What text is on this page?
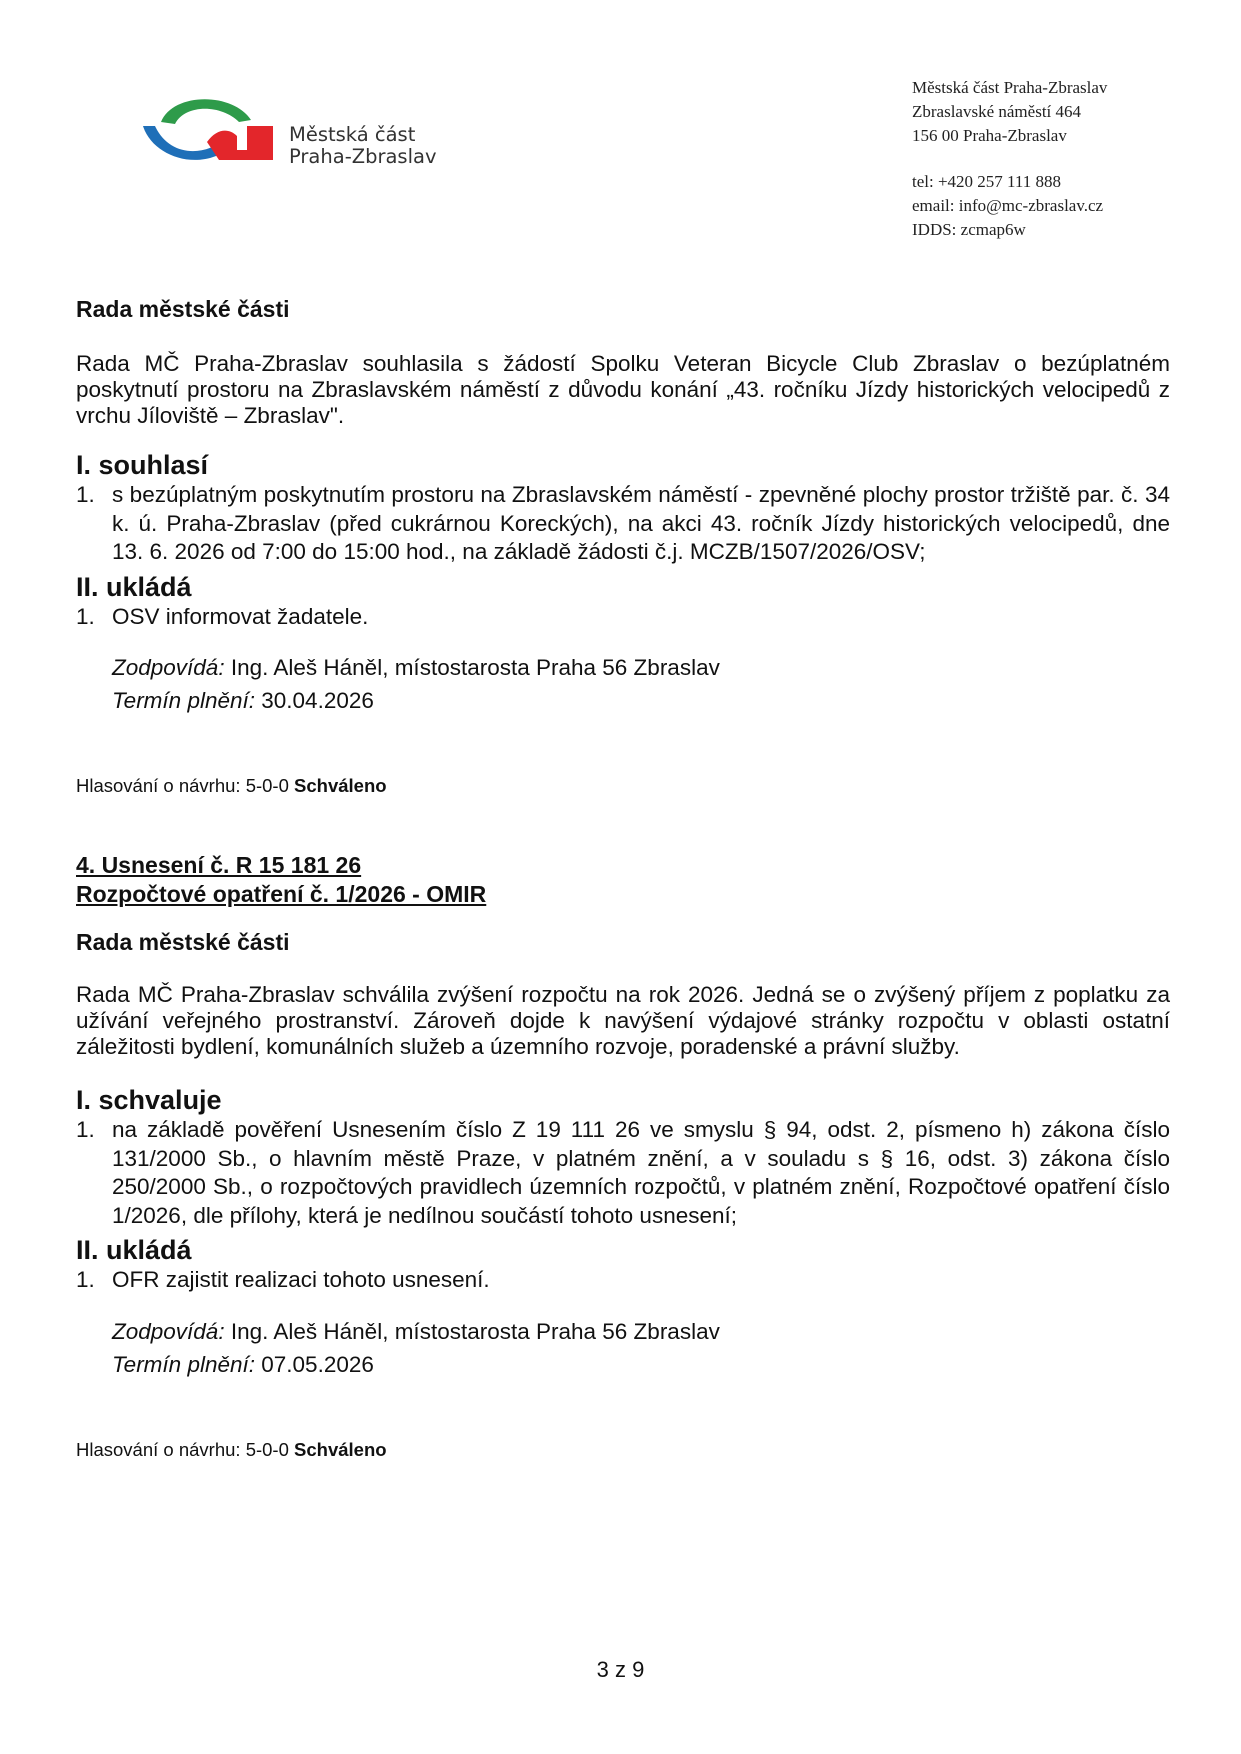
Městská část
Praha-Zbraslav
Městská část Praha-Zbraslav
Zbraslavské náměstí 464
156 00 Praha-Zbraslav
tel: +420 257 111 888
email: info@mc-zbraslav.cz
IDDS: zcmap6w

Rada městské části

Rada MČ Praha-Zbraslav souhlasila s žádostí Spolku Veteran Bicycle Club Zbraslav o bezúplatném poskytnutí prostoru na Zbraslavském náměstí z důvodu konání „43. ročníku Jízdy historických velocipedů z vrchu Jíloviště – Zbraslav".

I. souhlasí

1. s bezúplatným poskytnutím prostoru na Zbraslavském náměstí - zpevněné plochy prostor tržiště par. č. 34 k. ú. Praha-Zbraslav (před cukrárnou Koreckých), na akci 43. ročník Jízdy historických velocipedů, dne 13. 6. 2026 od 7:00 do 15:00 hod., na základě žádosti č.j. MCZB/1507/2026/OSV;

II. ukládá

1. OSV informovat žadatele.
Zodpovídá: Ing. Aleš Háněl, místostarosta Praha 56 Zbraslav
Termín plnění: 30.04.2026
Hlasování o návrhu: 5-0-0 Schváleno

4. Usnesení č. R 15 181 26

Rozpočtové opatření č. 1/2026 - OMIR

Rada městské části

Rada MČ Praha-Zbraslav schválila zvýšení rozpočtu na rok 2026. Jedná se o zvýšený příjem z poplatku za užívání veřejného prostranství. Zároveň dojde k navýšení výdajové stránky rozpočtu v oblasti ostatní záležitosti bydlení, komunálních služeb a územního rozvoje, poradenské a právní služby.

I. schvaluje

1. na základě pověření Usnesením číslo Z 19 111 26 ve smyslu § 94, odst. 2, písmeno h) zákona číslo 131/2000 Sb., o hlavním městě Praze, v platném znění, a v souladu s § 16, odst. 3) zákona číslo 250/2000 Sb., o rozpočtových pravidlech územních rozpočtů, v platném znění, Rozpočtové opatření číslo 1/2026, dle přílohy, která je nedílnou součástí tohoto usnesení;

II. ukládá

1. OFR zajistit realizaci tohoto usnesení.
Zodpovídá: Ing. Aleš Háněl, místostarosta Praha 56 Zbraslav
Termín plnění: 07.05.2026
Hlasování o návrhu: 5-0-0 Schváleno
3 z 9
